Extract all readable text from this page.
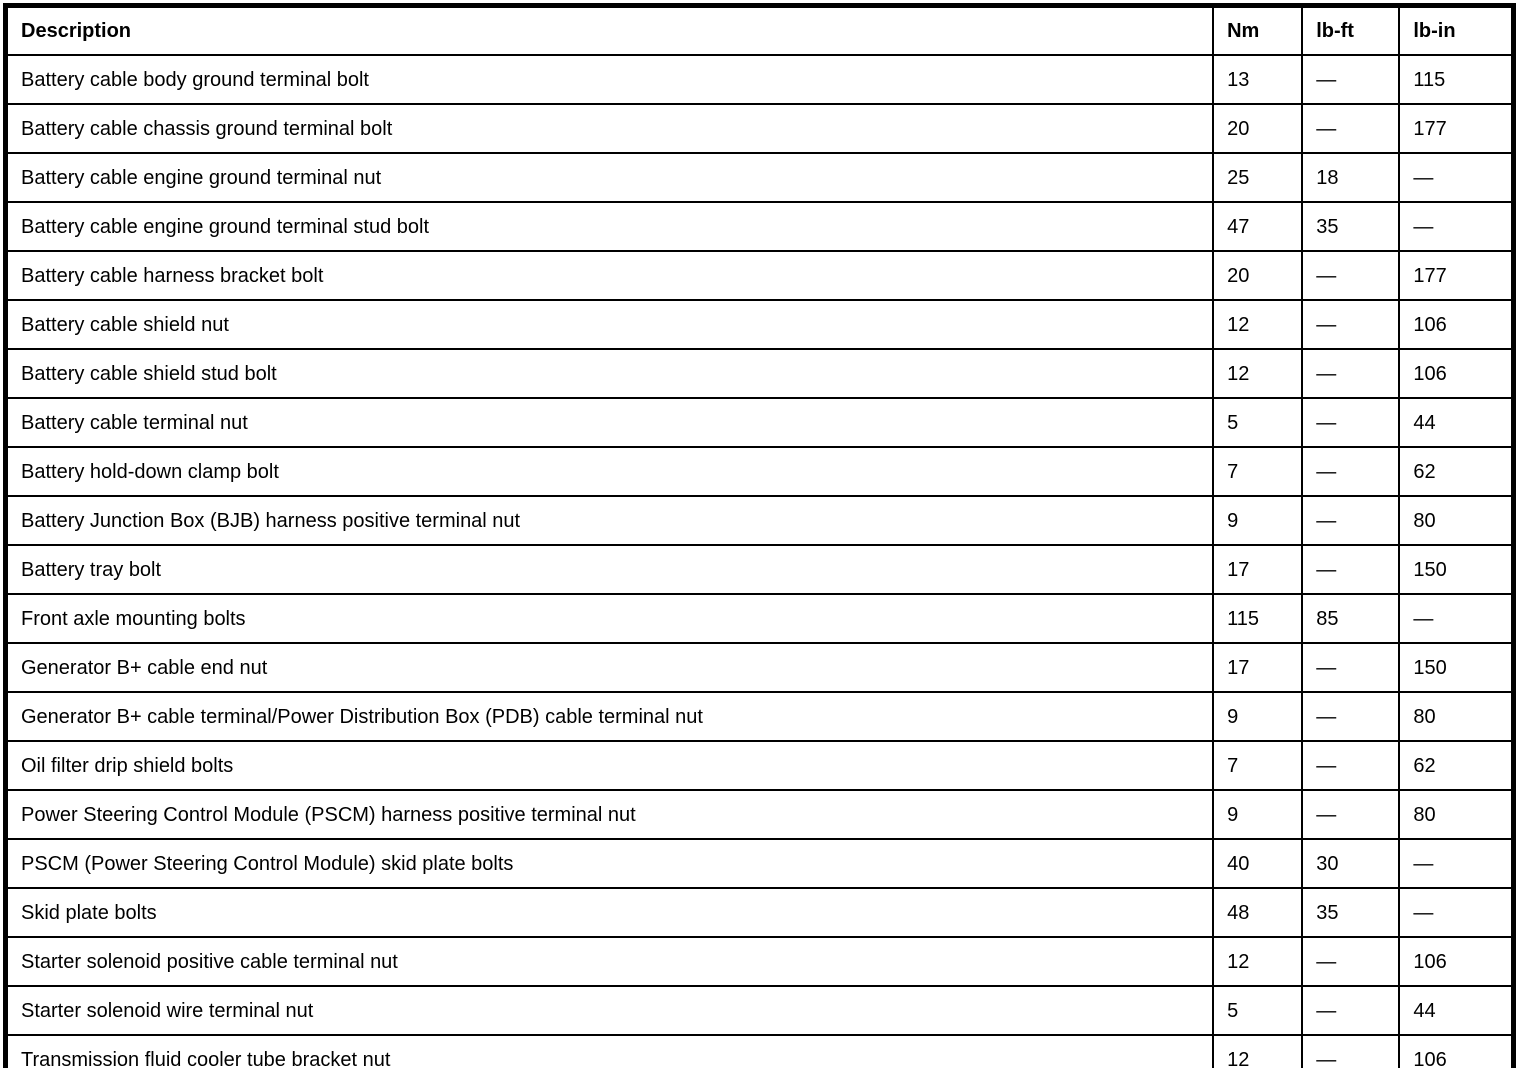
Description	Nm	lb-ft	lb-in
Battery cable body ground terminal bolt	13	—	115
Battery cable chassis ground terminal bolt	20	—	177
Battery cable engine ground terminal nut	25	18	—
Battery cable engine ground terminal stud bolt	47	35	—
Battery cable harness bracket bolt	20	—	177
Battery cable shield nut	12	—	106
Battery cable shield stud bolt	12	—	106
Battery cable terminal nut	5	—	44
Battery hold-down clamp bolt	7	—	62
Battery Junction Box (BJB) harness positive terminal nut	9	—	80
Battery tray bolt	17	—	150
Front axle mounting bolts	115	85	—
Generator B+ cable end nut	17	—	150
Generator B+ cable terminal/Power Distribution Box (PDB) cable terminal nut	9	—	80
Oil filter drip shield bolts	7	—	62
Power Steering Control Module (PSCM) harness positive terminal nut	9	—	80
PSCM (Power Steering Control Module) skid plate bolts	40	30	—
Skid plate bolts	48	35	—
Starter solenoid positive cable terminal nut	12	—	106
Starter solenoid wire terminal nut	5	—	44
Transmission fluid cooler tube bracket nut	12	—	106
